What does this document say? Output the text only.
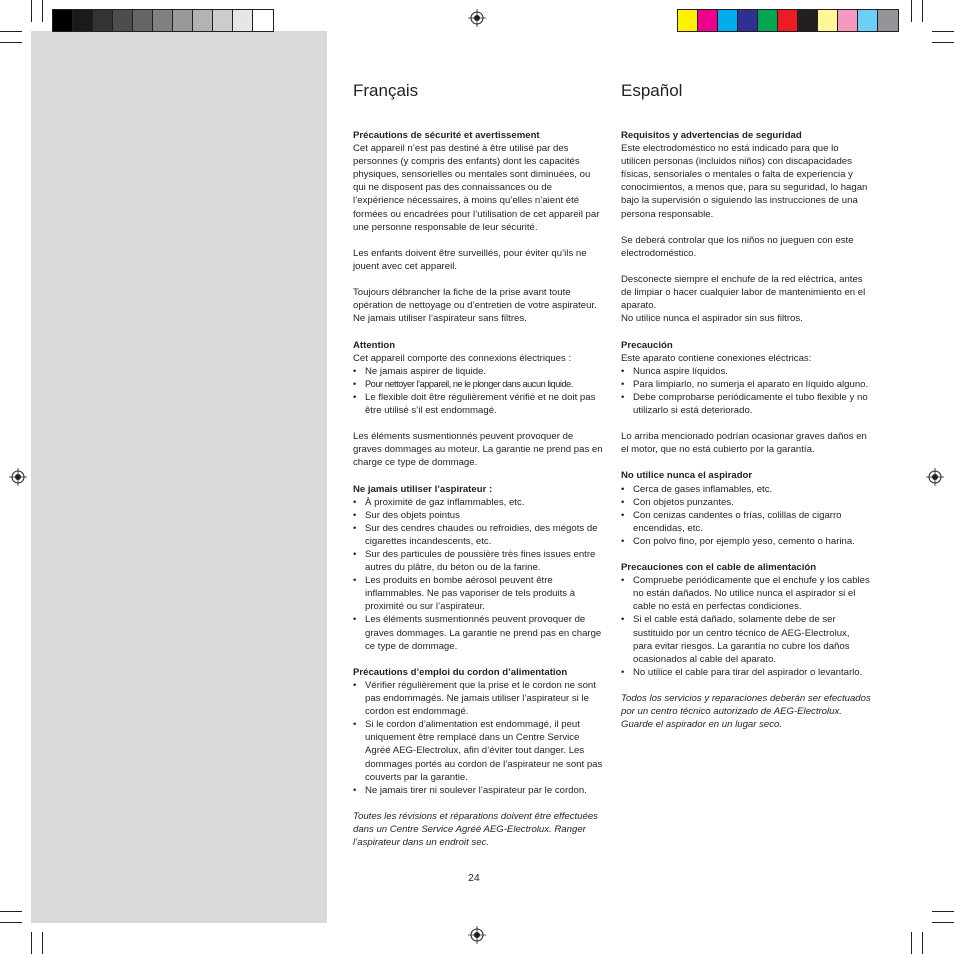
Français

Précautions de sécurité et avertissement

Cet appareil n’est pas destiné à être utilisé par des personnes (y compris des enfants) dont les capacités physiques, sensorielles ou mentales sont diminuées, ou qui ne disposent pas des connaissances ou de l’expérience nécessaires, à moins qu’elles n’aient été formées ou encadrées pour l’utilisation de cet appareil par une personne responsable de leur sécurité.

Les enfants doivent être surveillés, pour éviter qu’ils ne jouent avec cet appareil.

Toujours débrancher la fiche de la prise avant toute opération de nettoyage ou d’entretien de votre aspirateur.

Ne jamais utiliser l’aspirateur sans filtres.

Attention

Cet appareil comporte des connexions électriques :

• Ne jamais aspirer de liquide.
• Pour nettoyer l’appareil, ne le plonger dans aucun liquide.
• Le flexible doit être régulièrement vérifié et ne doit pas être utilisé s’il est endommagé.

Les éléments susmentionnés peuvent provoquer de graves dommages au moteur. La garantie ne prend pas en charge ce type de dommage.

Ne jamais utiliser l’aspirateur :

• À proximité de gaz inflammables, etc.
• Sur des objets pointus
• Sur des cendres chaudes ou refroidies, des mégots de cigarettes incandescents, etc.
• Sur des particules de poussière très fines issues entre autres du plâtre, du béton ou de la farine.
• Les produits en bombe aérosol peuvent être inflammables. Ne pas vaporiser de tels produits à proximité ou sur l’aspirateur.
• Les éléments susmentionnés peuvent provoquer de graves dommages. La garantie ne prend pas en charge ce type de dommage.

Précautions d’emploi du cordon d’alimentation

• Vérifier régulièrement que la prise et le cordon ne sont pas endommagés. Ne jamais utiliser l’aspirateur si le cordon est endommagé.
• Si le cordon d’alimentation est endommagé, il peut uniquement être remplacé dans un Centre Service Agréé AEG-Electrolux, afin d’éviter tout danger. Les dommages portés au cordon de l’aspirateur ne sont pas couverts par la garantie.
• Ne jamais tirer ni soulever l’aspirateur par le cordon.

Toutes les révisions et réparations doivent être effectuées dans un Centre Service Agréé AEG-Electrolux. Ranger l’aspirateur dans un endroit sec.

Español

Requisitos y advertencias de seguridad

Este electrodoméstico no está indicado para que lo utilicen personas (incluidos niños) con discapacidades físicas, sensoriales o mentales o falta de experiencia y conocimientos, a menos que, para su seguridad, lo hagan bajo la supervisión o siguiendo las instrucciones de una persona responsable.

Se deberá controlar que los niños no jueguen con este electrodoméstico.

Desconecte siempre el enchufe de la red eléctrica, antes de limpiar o hacer cualquier labor de mantenimiento en el aparato.

No utilice nunca el aspirador sin sus filtros.

Precaución

Este aparato contiene conexiones eléctricas:

• Nunca aspire líquidos.
• Para limpiarlo, no sumerja el aparato en líquido alguno.
• Debe comprobarse periódicamente el tubo flexible y no utilizarlo si está deteriorado.

Lo arriba mencionado podrían ocasionar graves daños en el motor, que no está cubierto por la garantía.

No utilice nunca el aspirador

• Cerca de gases inflamables, etc.
• Con objetos punzantes.
• Con cenizas candentes o frías, colillas de cigarro encendidas, etc.
• Con polvo fino, por ejemplo yeso, cemento o harina.

Precauciones con el cable de alimentación

• Compruebe periódicamente que el enchufe y los cables no están dañados. No utilice nunca el aspirador si el cable no está en perfectas condiciones.
• Si el cable está dañado, solamente debe de ser sustituido por un centro técnico de AEG-Electrolux, para evitar riesgos. La garantía no cubre los daños ocasionados al cable del aparato.
• No utilice el cable para tirar del aspirador o levantarlo.

Todos los servicios y reparaciones deberán ser efectuados por un centro técnico autorizado de AEG-Electrolux. Guarde el aspirador en un lugar seco.

24
